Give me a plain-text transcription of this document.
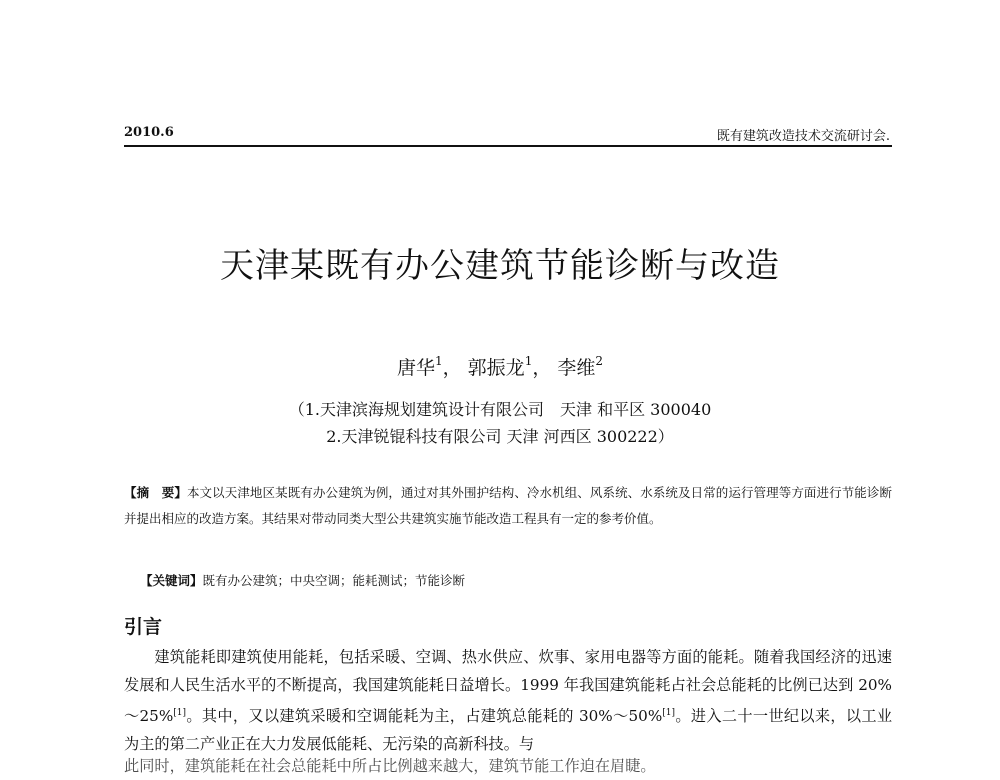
2010.6	既有建筑改造技术交流研讨会.
天津某既有办公建筑节能诊断与改造
唐华$^1$， 郭振龙$^1$， 李维$^2$
（1.天津滨海规划建筑设计有限公司　天津 和平区 300040
2.天津锐锟科技有限公司 天津 河西区 300222）
【摘　要】本文以天津地区某既有办公建筑为例，通过对其外围护结构、冷水机组、风系统、水系统及日常的运行管理等方面进行节能诊断并提出相应的改造方案。其结果对带动同类大型公共建筑实施节能改造工程具有一定的参考价值。
【关键词】既有办公建筑；中央空调；能耗测试；节能诊断
引言

建筑能耗即建筑使用能耗，包括采暖、空调、热水供应、炊事、家用电器等方面的能耗。随着我国经济的迅速发展和人民生活水平的不断提高，我国建筑能耗日益增长。1999 年我国建筑能耗占社会总能耗的比例已达到 20%～25%[1]。其中，又以建筑采暖和空调能耗为主，占建筑总能耗的 30%～50%[1]。进入二十一世纪以来，以工业为主的第二产业正在大力发展低能耗、无污染的高新科技。与

此同时，建筑能耗在社会总能耗中所占比例越来越大，建筑节能工作迫在眉睫。
